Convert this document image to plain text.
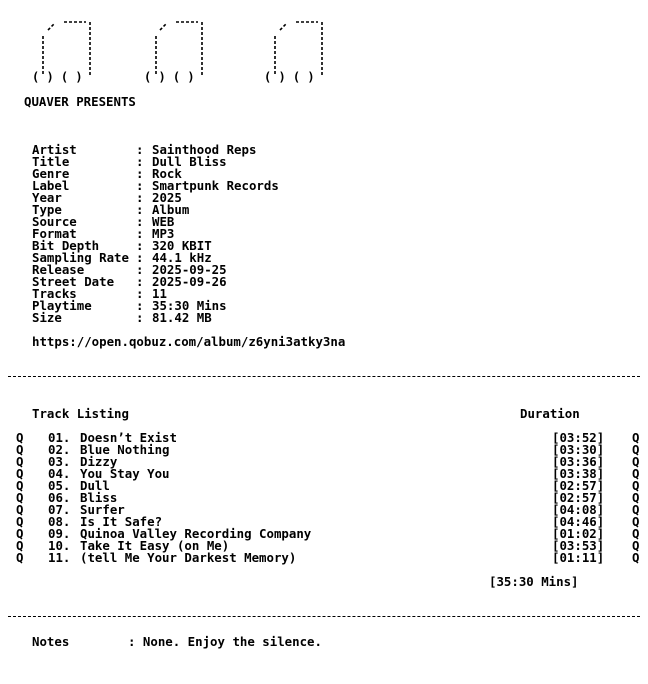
( ) ( )	( ) ( )	( ) ( )
QUAVER PRESENTS
Artist	: Sainthood Reps
Title	: Dull Bliss
Genre	: Rock
Label	: Smartpunk Records
Year	: 2025
Type	: Album
Source	: WEB
Format	: MP3
Bit Depth	: 320 KBIT
Sampling Rate : 44.1 kHz
Release	: 2025-09-25
Street Date : 2025-09-26
Tracks	: 11
Playtime	: 35:30 Mins
Size	: 81.42 MB
https://open.qobuz.com/album/z6yni3atky3na
Track Listing	Duration
Q 01. Doesn’t Exist	[03:52] Q
Q 02. Blue Nothing	[03:30] Q
Q 03. Dizzy	[03:36] Q
Q 04. You Stay You	[03:38] Q
Q 05. Dull	[02:57] Q
Q 06. Bliss	[02:57] Q
Q 07. Surfer	[04:08] Q
Q 08. Is It Safe?	[04:46] Q
Q 09. Quinoa Valley Recording Company	[01:02] Q
Q 10. Take It Easy (on Me)	[03:53] Q
Q 11. (tell Me Your Darkest Memory)	[01:11] Q
[35:30 Mins]
Notes	: None. Enjoy the silence.
